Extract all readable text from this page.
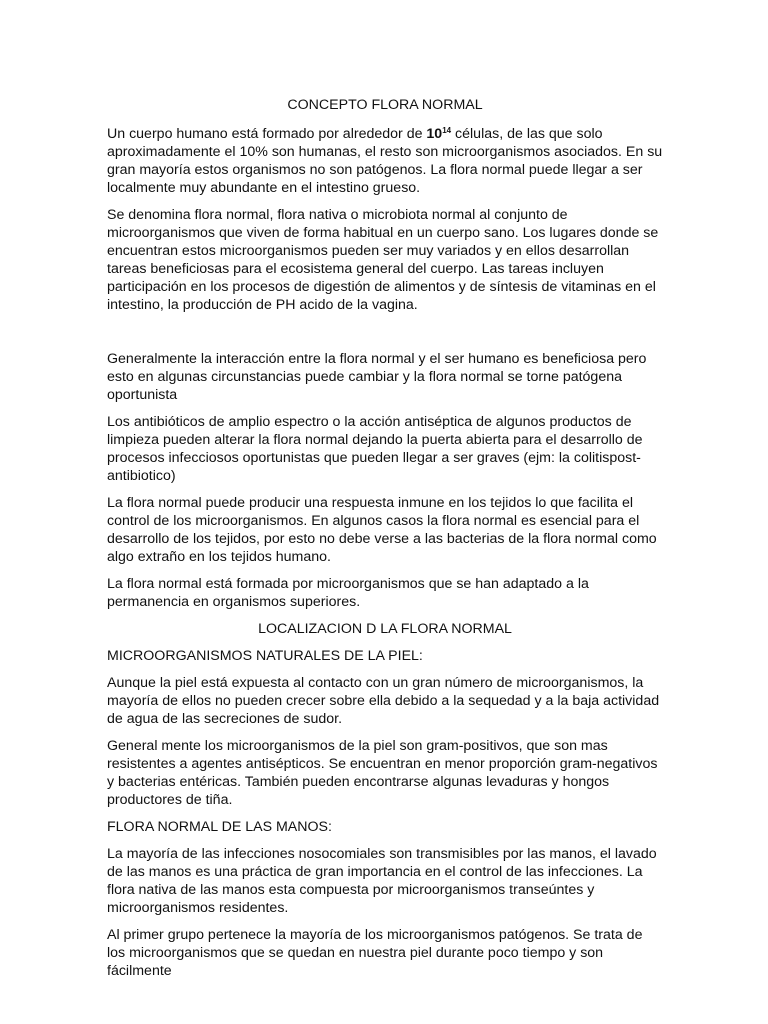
CONCEPTO FLORA NORMAL

Un cuerpo humano está formado por alrededor de $10^{14}$ células, de las que solo aproximadamente el 10% son humanas, el resto son microorganismos asociados. En su gran mayoría estos organismos no son patógenos. La flora normal puede llegar a ser localmente muy abundante en el intestino grueso.

Se denomina flora normal, flora nativa o microbiota normal al conjunto de microorganismos que viven de forma habitual en un cuerpo sano. Los lugares donde se encuentran estos microorganismos pueden ser muy variados y en ellos desarrollan tareas beneficiosas para el ecosistema general del cuerpo. Las tareas incluyen participación en los procesos de digestión de alimentos y de síntesis de vitaminas en el intestino, la producción de PH acido de la vagina.

Generalmente la interacción entre la flora normal y el ser humano es beneficiosa pero esto en algunas circunstancias puede cambiar y la flora normal se torne patógena oportunista

Los antibióticos de amplio espectro o la acción antiséptica de algunos productos de limpieza pueden alterar la flora normal dejando la puerta abierta para el desarrollo de procesos infecciosos oportunistas que pueden llegar a ser graves (ejm: la colitispost-antibiotico)

La flora normal puede producir una respuesta inmune en los tejidos lo que facilita el control de los microorganismos. En algunos casos la flora normal es esencial para el desarrollo de los tejidos, por esto no debe verse a las bacterias de la flora normal como algo extraño en los tejidos humano.

La flora normal está formada por microorganismos que se han adaptado a la permanencia en organismos superiores.

LOCALIZACION D LA FLORA NORMAL
MICROORGANISMOS NATURALES DE LA PIEL:

Aunque la piel está expuesta al contacto con un gran número de microorganismos, la mayoría de ellos no pueden crecer sobre ella debido a la sequedad y a la baja actividad de agua de las secreciones de sudor.

General mente los microorganismos de la piel son gram-positivos, que son mas resistentes a agentes antisépticos. Se encuentran en menor proporción gram-negativos y bacterias entéricas. También pueden encontrarse algunas levaduras y hongos productores de tiña.

FLORA NORMAL DE LAS MANOS:

La mayoría de las infecciones nosocomiales son transmisibles por las manos, el lavado de las manos es una práctica de gran importancia en el control de las infecciones. La flora nativa de las manos esta compuesta por microorganismos transeúntes y microorganismos residentes.

Al primer grupo pertenece la mayoría de los microorganismos patógenos. Se trata de los microorganismos que se quedan en nuestra piel durante poco tiempo y son fácilmente
